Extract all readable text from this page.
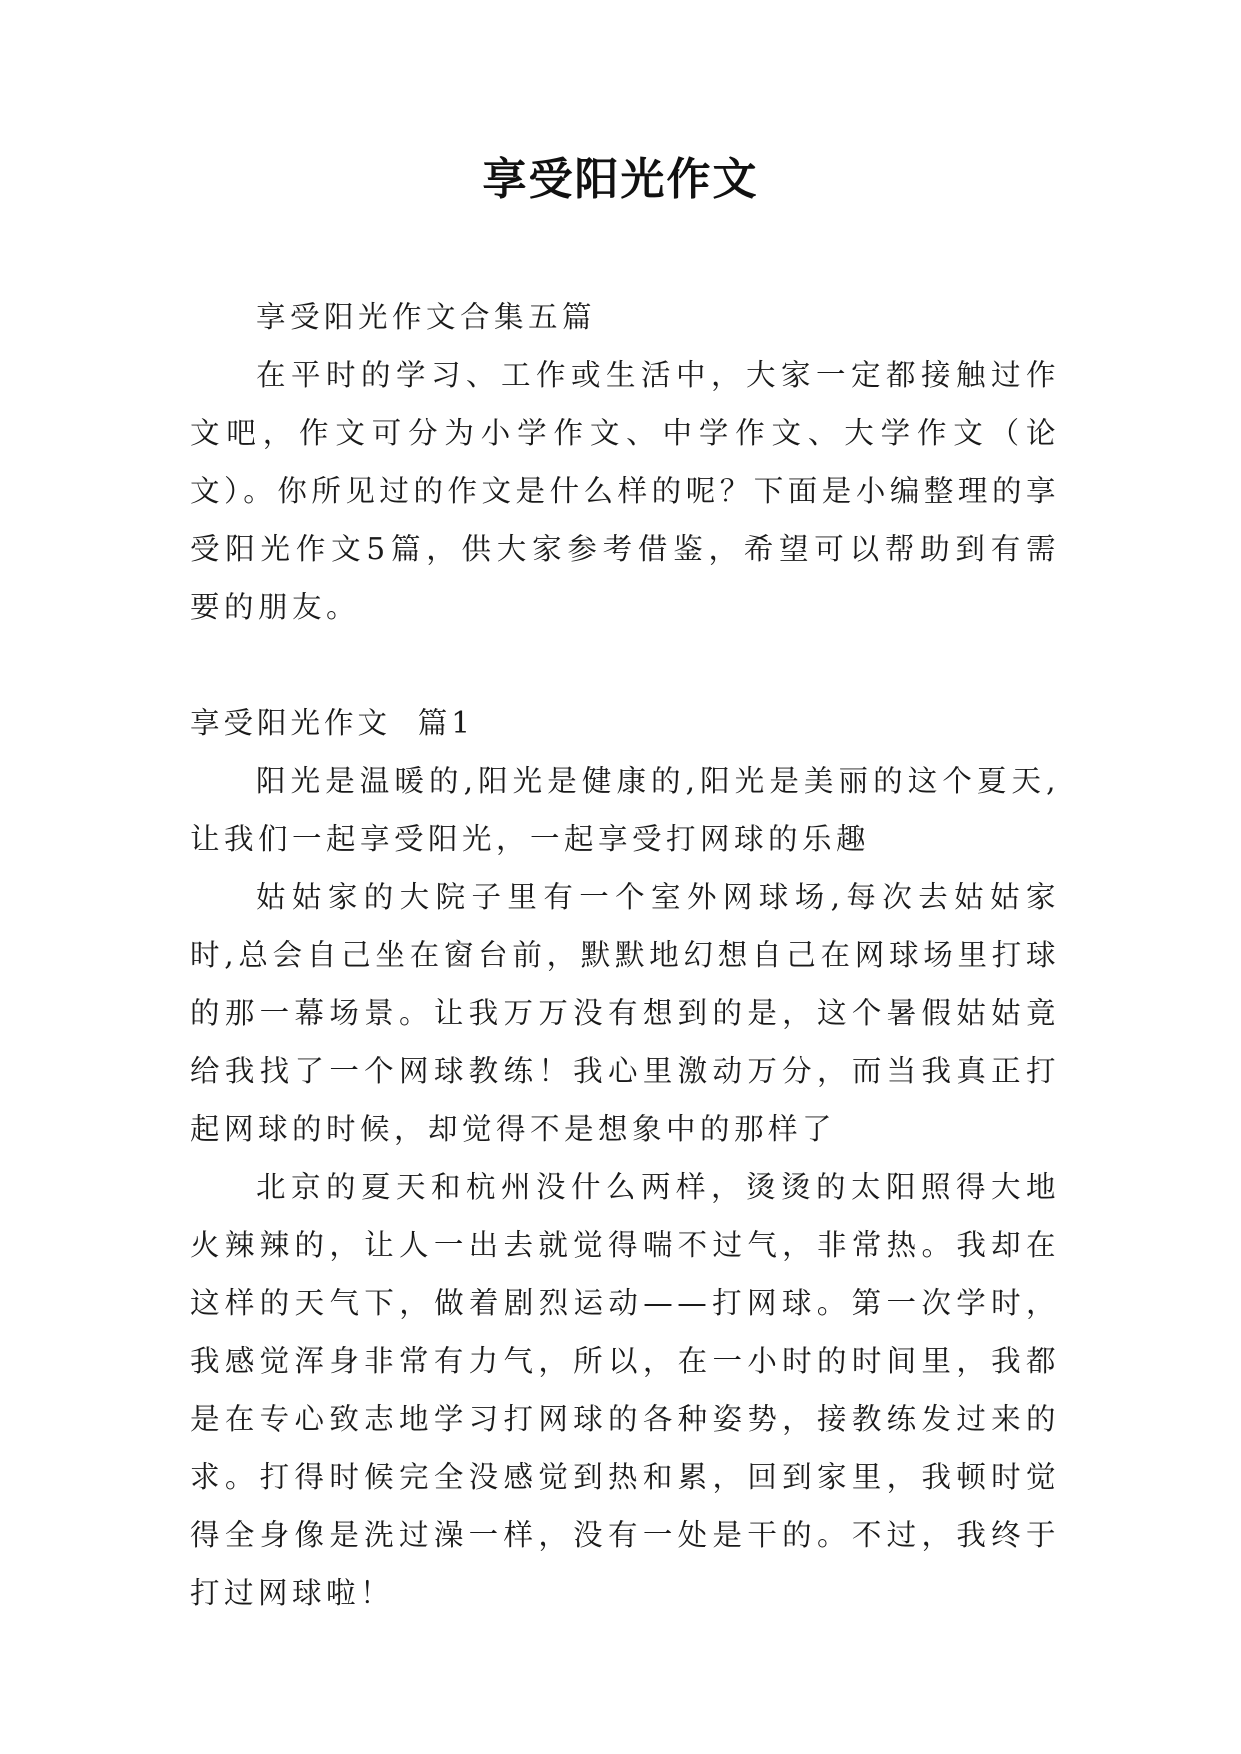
享受阳光作文

享受阳光作文合集五篇

在平时的学习、工作或生活中，大家一定都接触过作文吧，作文可分为小学作文、中学作文、大学作文（论文）。你所见过的作文是什么样的呢？下面是小编整理的享受阳光作文5篇，供大家参考借鉴，希望可以帮助到有需要的朋友。

享受阳光作文  篇1

阳光是温暖的,阳光是健康的,阳光是美丽的这个夏天,让我们一起享受阳光，一起享受打网球的乐趣

姑姑家的大院子里有一个室外网球场,每次去姑姑家时,总会自己坐在窗台前，默默地幻想自己在网球场里打球的那一幕场景。让我万万没有想到的是，这个暑假姑姑竟给我找了一个网球教练！我心里激动万分，而当我真正打起网球的时候，却觉得不是想象中的那样了

北京的夏天和杭州没什么两样，烫烫的太阳照得大地火辣辣的，让人一出去就觉得喘不过气，非常热。我却在这样的天气下，做着剧烈运动——打网球。第一次学时，我感觉浑身非常有力气，所以，在一小时的时间里，我都是在专心致志地学习打网球的各种姿势，接教练发过来的求。打得时候完全没感觉到热和累，回到家里，我顿时觉得全身像是洗过澡一样，没有一处是干的。不过，我终于打过网球啦！
